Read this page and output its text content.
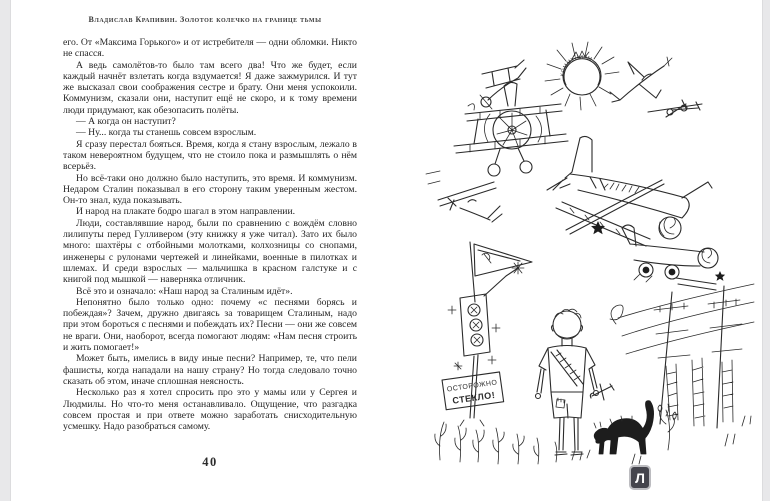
Владислав Крапивин. Золотое колечко на границе тьмы

его. От «Максима Горького» и от истребителя — одни обломки. Никто не спасся.

А ведь самолётов-то было там всего два! Что же будет, если каждый начнёт взлетать когда вздумается! Я даже зажмурился. И тут же высказал свои соображения сестре и брату. Они меня успокоили. Коммунизм, сказали они, наступит ещё не скоро, и к тому времени люди придумают, как обезопасить полёты.

— А когда он наступит?

— Ну... когда ты станешь совсем взрослым.

Я сразу перестал бояться. Время, когда я стану взрослым, лежало в таком невероятном будущем, что не стоило пока и размышлять о нём всерьёз.

Но всё-таки оно должно было наступить, это время. И коммунизм. Недаром Сталин показывал в его сторону таким уверенным жестом. Он-то знал, куда показывать.

И народ на плакате бодро шагал в этом направлении.

Люди, составлявшие народ, были по сравнению с вождём словно лилипуты перед Гулливером (эту книжку я уже читал). Зато их было много: шахтёры с отбойными молотками, колхозницы со снопами, инженеры с рулонами чертежей и линейками, военные в пилотках и шлемах. И среди взрослых — мальчишка в красном галстуке и с книгой под мышкой — наверняка отличник.

Всё это и означало: «Наш народ за Сталиным идёт».

Непонятно было только одно: почему «с песнями борясь и побеждая»? Зачем, дружно двигаясь за товарищем Сталиным, надо при этом бороться с песнями и побеждать их? Песни — они же совсем не враги. Они, наоборот, всегда помогают людям: «Нам песня строить и жить помогает!»

Может быть, имелись в виду иные песни? Например, те, что пели фашисты, когда нападали на нашу страну? Но тогда следовало точно сказать об этом, иначе сплошная неясность.

Несколько раз я хотел спросить про это у мамы или у Сергея и Людмилы. Но что-то меня останавливало. Ощущение, что разгадка совсем простая и при ответе можно заработать снисходительную усмешку. Надо разобраться самому.

40
КОММУНИЗМ
ОСТОРОЖНО
СТЕКЛО!
Л
